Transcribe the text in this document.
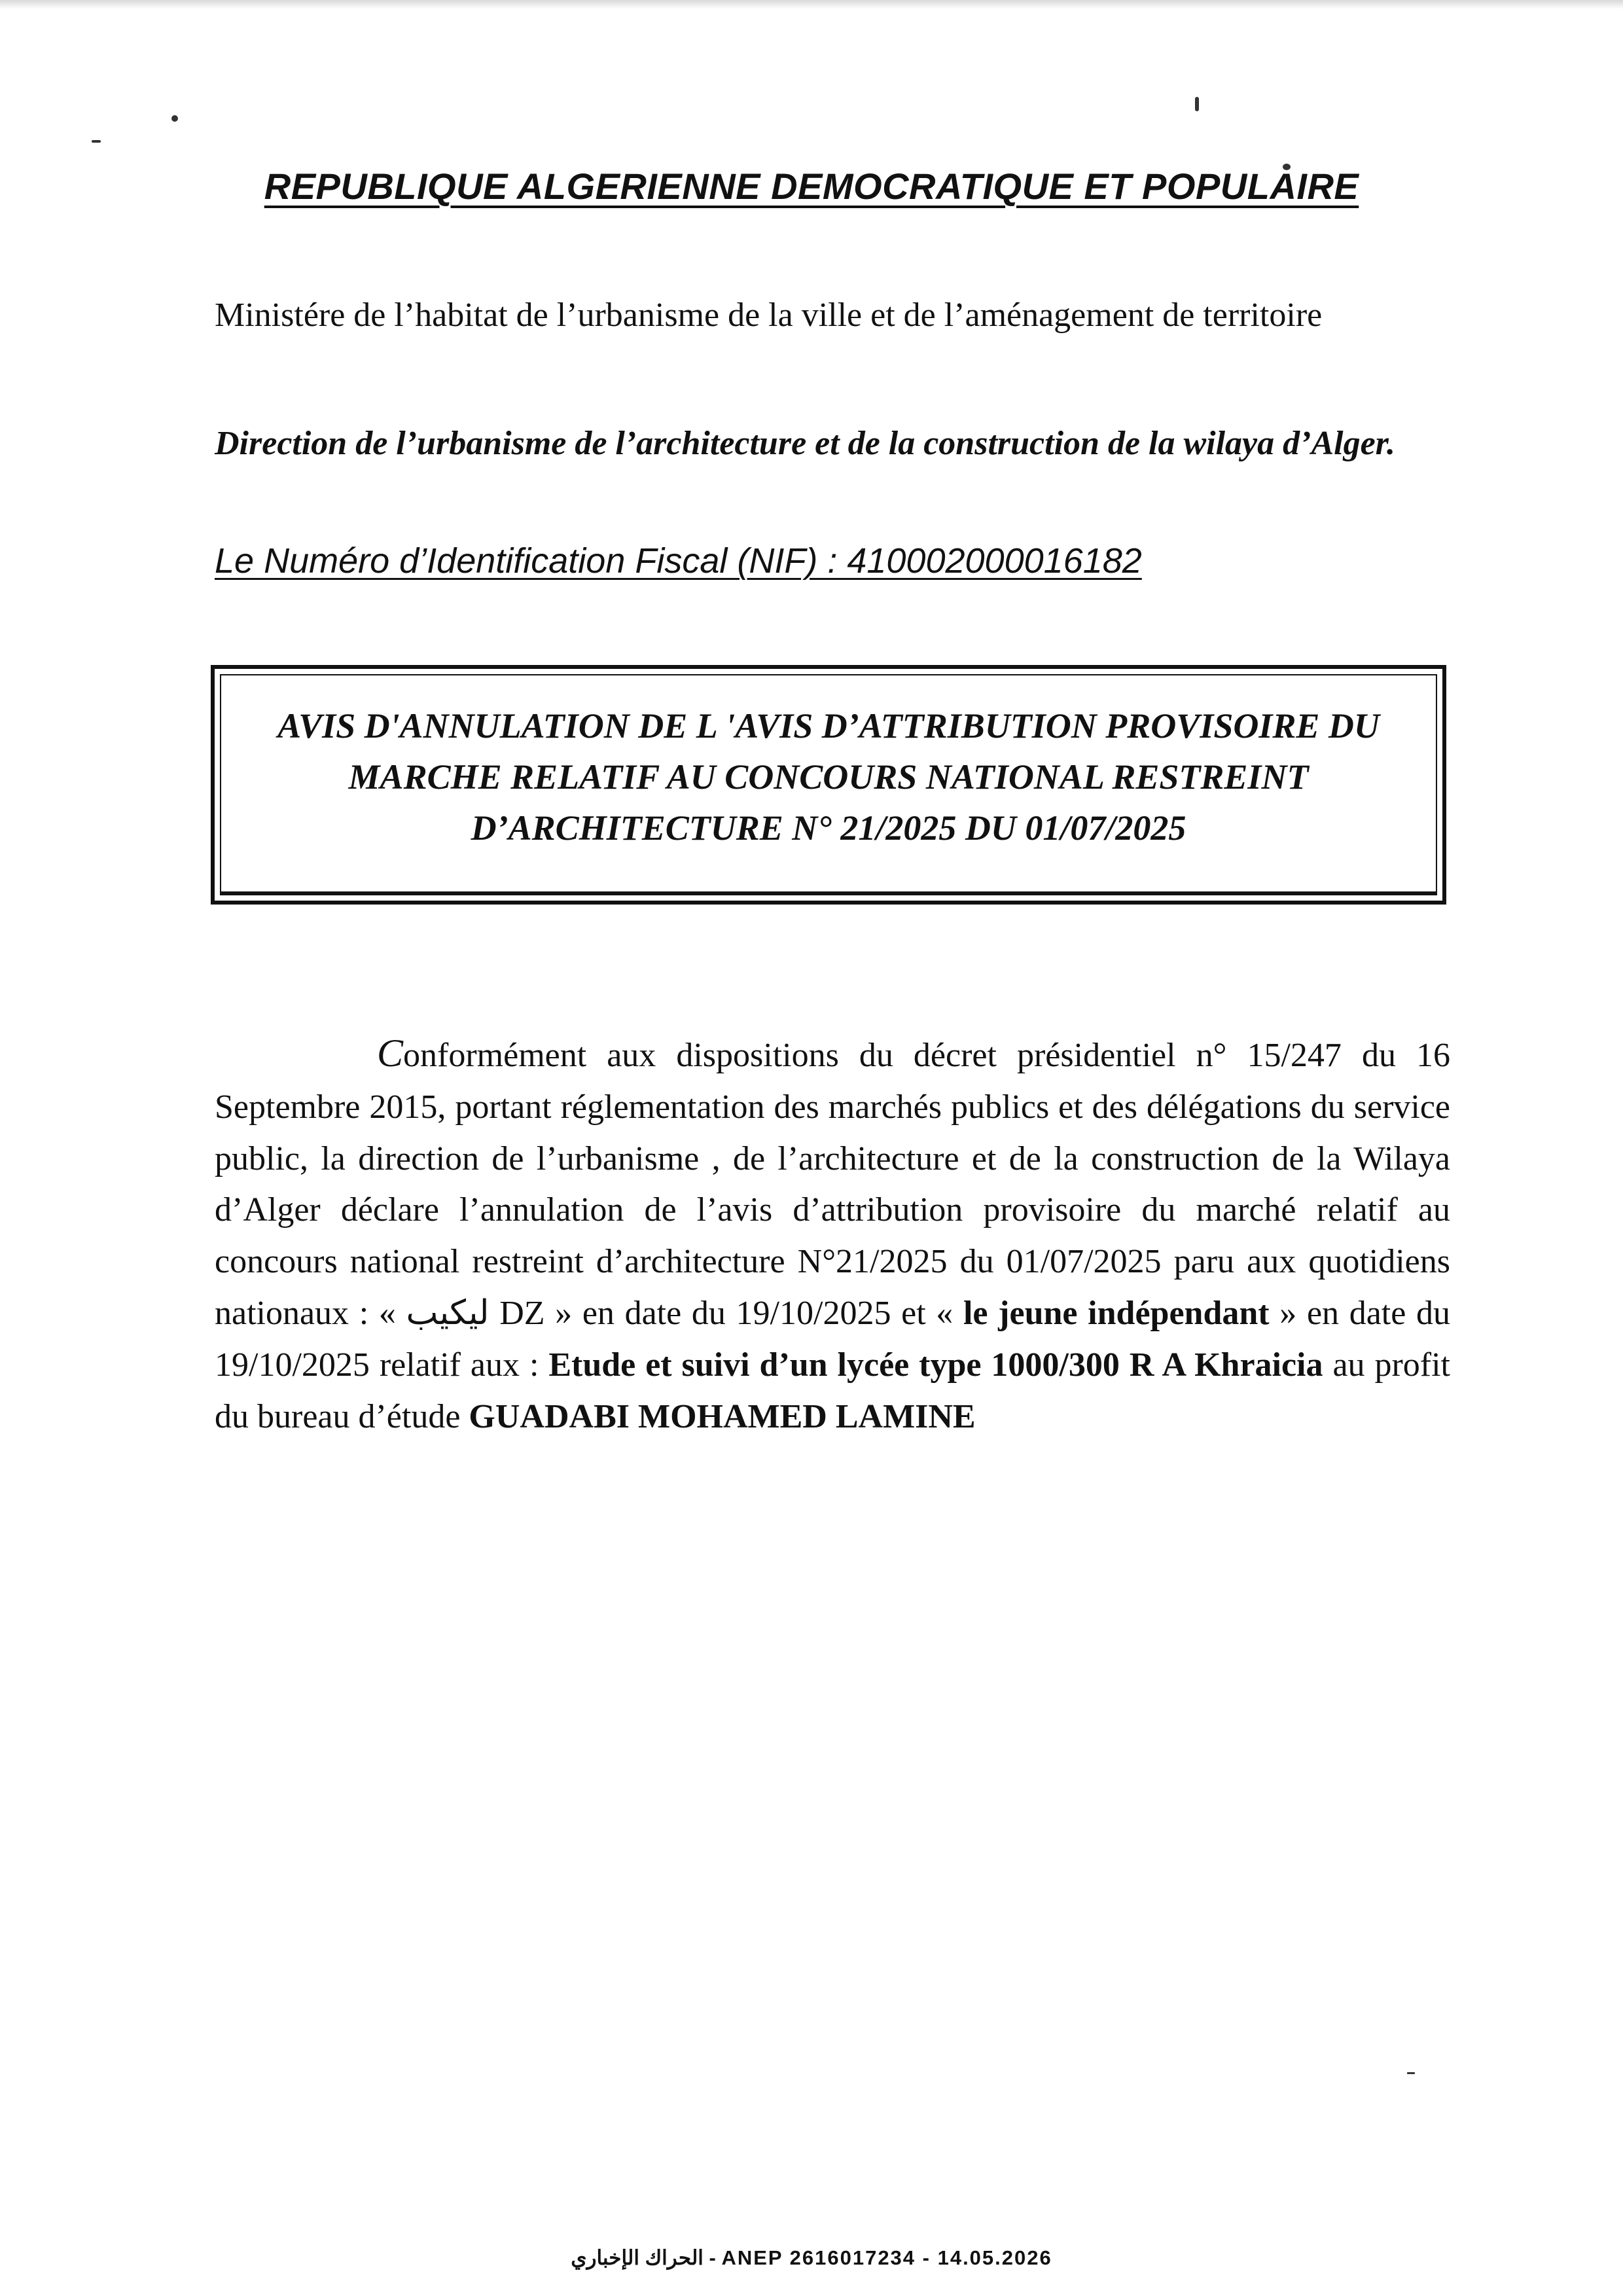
REPUBLIQUE ALGERIENNE DEMOCRATIQUE ET POPULAIRE
Ministére de l’habitat de l’urbanisme de la ville et de l’aménagement de territoire
Direction de l’urbanisme de l’architecture et de la construction de la wilaya d’Alger.
Le Numéro d’Identification Fiscal (NIF) : 410002000016182
AVIS D'ANNULATION DE L 'AVIS D’ATTRIBUTION PROVISOIRE DU
MARCHE RELATIF AU CONCOURS NATIONAL RESTREINT
D’ARCHITECTURE N° 21/2025 DU 01/07/2025
Conformément aux dispositions du décret présidentiel n° 15/247 du 16 Septembre 2015, portant réglementation des marchés publics et des délégations du service public, la direction de l’urbanisme , de l’architecture et de la construction de la Wilaya d’Alger déclare l’annulation de l’avis d’attribution provisoire du marché relatif au concours national restreint d’architecture N°21/2025 du 01/07/2025 paru aux quotidiens nationaux : « ليكيب DZ » en date du 19/10/2025 et « le jeune indépendant » en date du 19/10/2025 relatif aux : Etude et suivi d’un lycée type 1000/300 R A Khraicia au profit du bureau d’étude GUADABI MOHAMED LAMINE
الحراك الإخباري - ANEP 2616017234 - 14.05.2026
